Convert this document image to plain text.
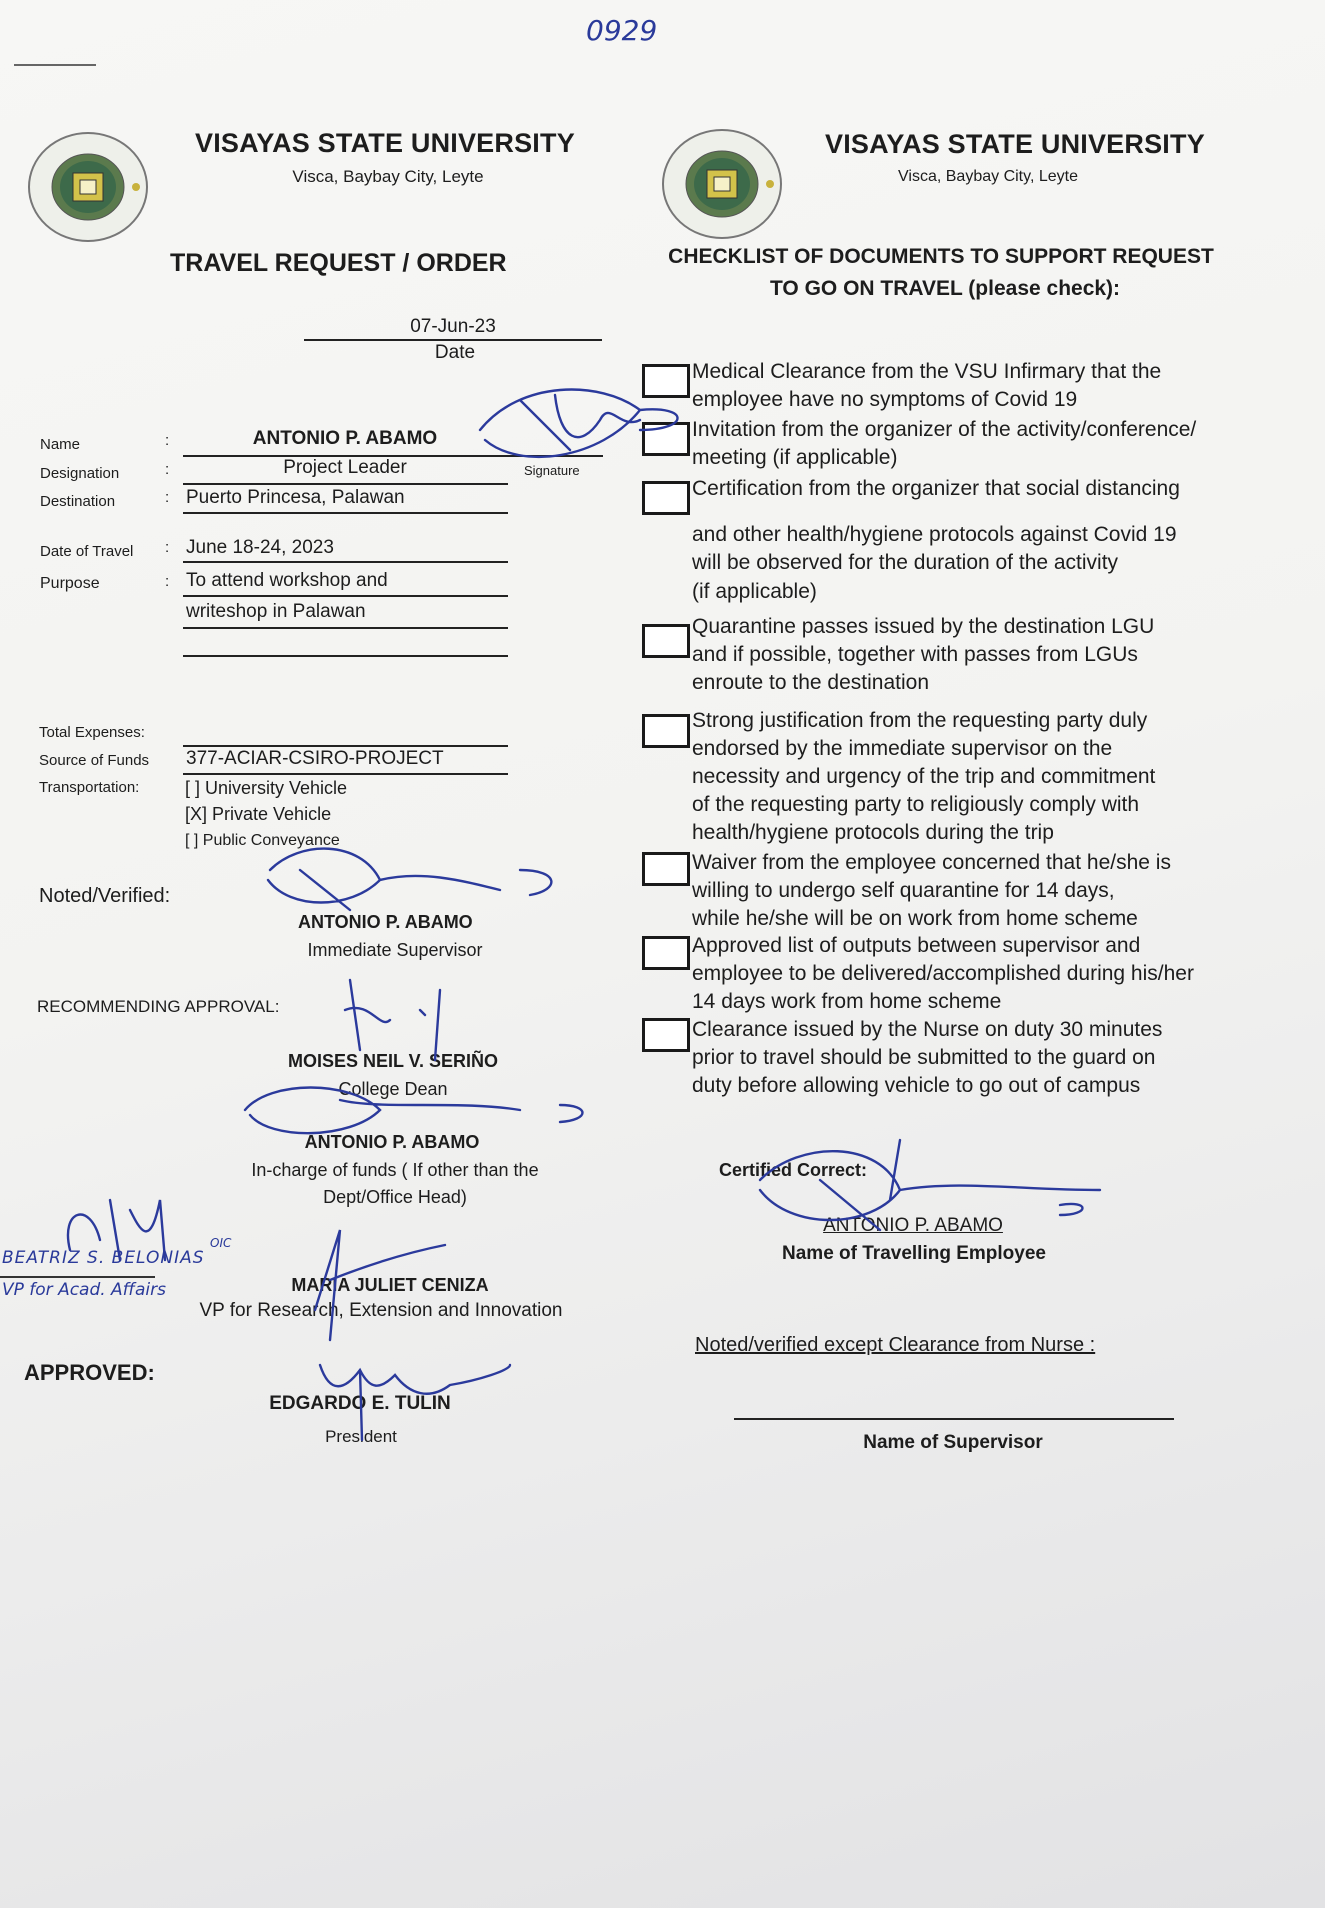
0929
VISAYAS STATE UNIVERSITY
Visca, Baybay City, Leyte
TRAVEL REQUEST / ORDER
07-Jun-23
Date
Name	:	ANTONIO P. ABAMO
Signature
Designation	:	Project Leader
Destination	: Puerto Princesa, Palawan
Date of Travel : June 18-24, 2023
Purpose	: To attend workshop and
writeshop in Palawan
Total Expenses:
Source of Funds 377-ACIAR-CSIRO-PROJECT
Transportation:	[ ] University Vehicle
[X] Private Vehicle
[ ] Public Conveyance
Noted/Verified:
ANTONIO P. ABAMO
Immediate Supervisor
RECOMMENDING APPROVAL:
MOISES NEIL V. SERIÑO
College Dean
ANTONIO P. ABAMO
In-charge of funds ( If other than the
Dept/Office Head)
BEATRIZ S. BELONIAS
VP for Acad. Affairs
OIC
MARIA JULIET CENIZA
VP for Research, Extension and Innovation
APPROVED:
EDGARDO E. TULIN
President
VISAYAS STATE UNIVERSITY
Visca, Baybay City, Leyte
CHECKLIST OF DOCUMENTS TO SUPPORT REQUEST
TO GO ON TRAVEL (please check):
Medical Clearance from the VSU Infirmary that the
employee have no symptoms of Covid 19
Invitation from the organizer of the activity/conference/
meeting (if applicable)
Certification from the organizer that social distancing
and other health/hygiene protocols against Covid 19
will be observed for the duration of the activity
(if applicable)
Quarantine passes issued by the destination LGU
and if possible, together with passes from LGUs
enroute to the destination
Strong justification from the requesting party duly
endorsed by the immediate supervisor on the
necessity and urgency of the trip and commitment
of the requesting party to religiously comply with
health/hygiene protocols during the trip
Waiver from the employee concerned that he/she is
willing to undergo self quarantine for 14 days,
while he/she will be on work from home scheme
Approved list of outputs between supervisor and
employee to be delivered/accomplished during his/her
14 days work from home scheme
Clearance issued by the Nurse on duty 30 minutes
prior to travel should be submitted to the guard on
duty before allowing vehicle to go out of campus
Certified Correct:
ANTONIO P. ABAMO
Name of Travelling Employee
Noted/verified except Clearance from Nurse :
Name of Supervisor
